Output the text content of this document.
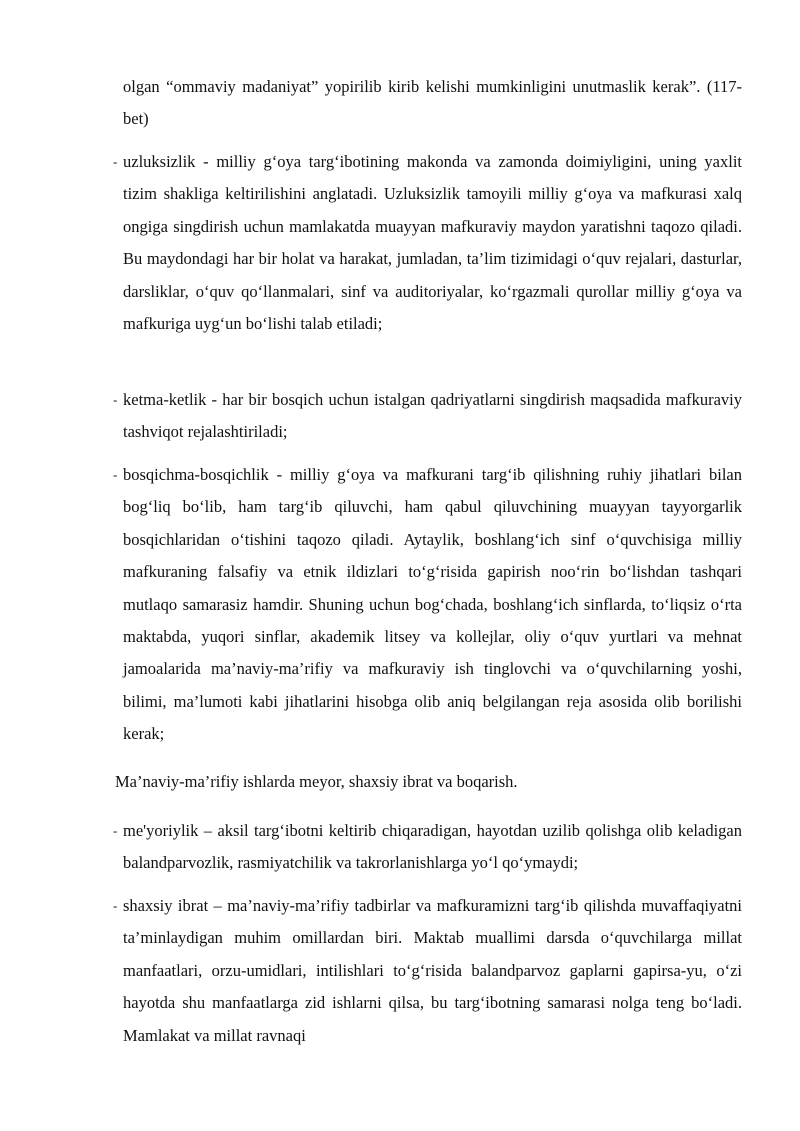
olgan “ommaviy madaniyat” yopirilib kirib kelishi mumkinligini unutmaslik kerak”. (117-bet)
- uzluksizlik - milliy g‘oya targ‘ibotining makonda va zamonda doimiyligini, uning yaxlit tizim shakliga keltirilishini anglatadi. Uzluksizlik tamoyili milliy g‘oya va mafkurasi xalq ongiga singdirish uchun mamlakatda muayyan mafkuraviy maydon yaratishni taqozo qiladi. Bu maydondagi har bir holat va harakat, jumladan, ta’lim tizimidagi o‘quv rejalari, dasturlar, darsliklar, o‘quv qo‘llanmalari, sinf va auditoriyalar, ko‘rgazmali qurollar milliy g‘oya va mafkuriga uyg‘un bo‘lishi talab etiladi;
- ketma-ketlik - har bir bosqich uchun istalgan qadriyatlarni singdirish maqsadida mafkuraviy tashviqot rejalashtiriladi;
- bosqichma-bosqichlik - milliy g‘oya va mafkurani targ‘ib qilishning ruhiy jihatlari bilan bog‘liq bo‘lib, ham targ‘ib qiluvchi, ham qabul qiluvchining muayyan tayyorgarlik bosqichlaridan o‘tishini taqozo qiladi. Aytaylik, boshlang‘ich sinf o‘quvchisiga milliy mafkuraning falsafiy va etnik ildizlari to‘g‘risida gapirish noo‘rin bo‘lishdan tashqari mutlaqo samarasiz hamdir. Shuning uchun bog‘chada, boshlang‘ich sinflarda, to‘liqsiz o‘rta maktabda, yuqori sinflar, akademik litsey va kollejlar, oliy o‘quv yurtlari va mehnat jamoalarida ma’naviy-ma’rifiy va mafkuraviy ish tinglovchi va o‘quvchilarning yoshi, bilimi, ma’lumoti kabi jihatlarini hisobga olib aniq belgilangan reja asosida olib borilishi kerak;
Ma’naviy-ma’rifiy ishlarda meyor, shaxsiy ibrat va boqarish.
- me'yoriylik – aksil targ‘ibotni keltirib chiqaradigan, hayotdan uzilib qolishga olib keladigan balandparvozlik, rasmiyatchilik va takrorlanishlarga yo‘l qo‘ymaydi;
- shaxsiy ibrat – ma’naviy-ma’rifiy tadbirlar va mafkuramizni targ‘ib qilishda muvaffaqiyatni ta’minlaydigan muhim omillardan biri. Maktab muallimi darsda o‘quvchilarga millat manfaatlari, orzu-umidlari, intilishlari to‘g‘risida balandparvoz gaplarni gapirsa-yu, o‘zi hayotda shu manfaatlarga zid ishlarni qilsa, bu targ‘ibotning samarasi nolga teng bo‘ladi. Mamlakat va millat ravnaqi
